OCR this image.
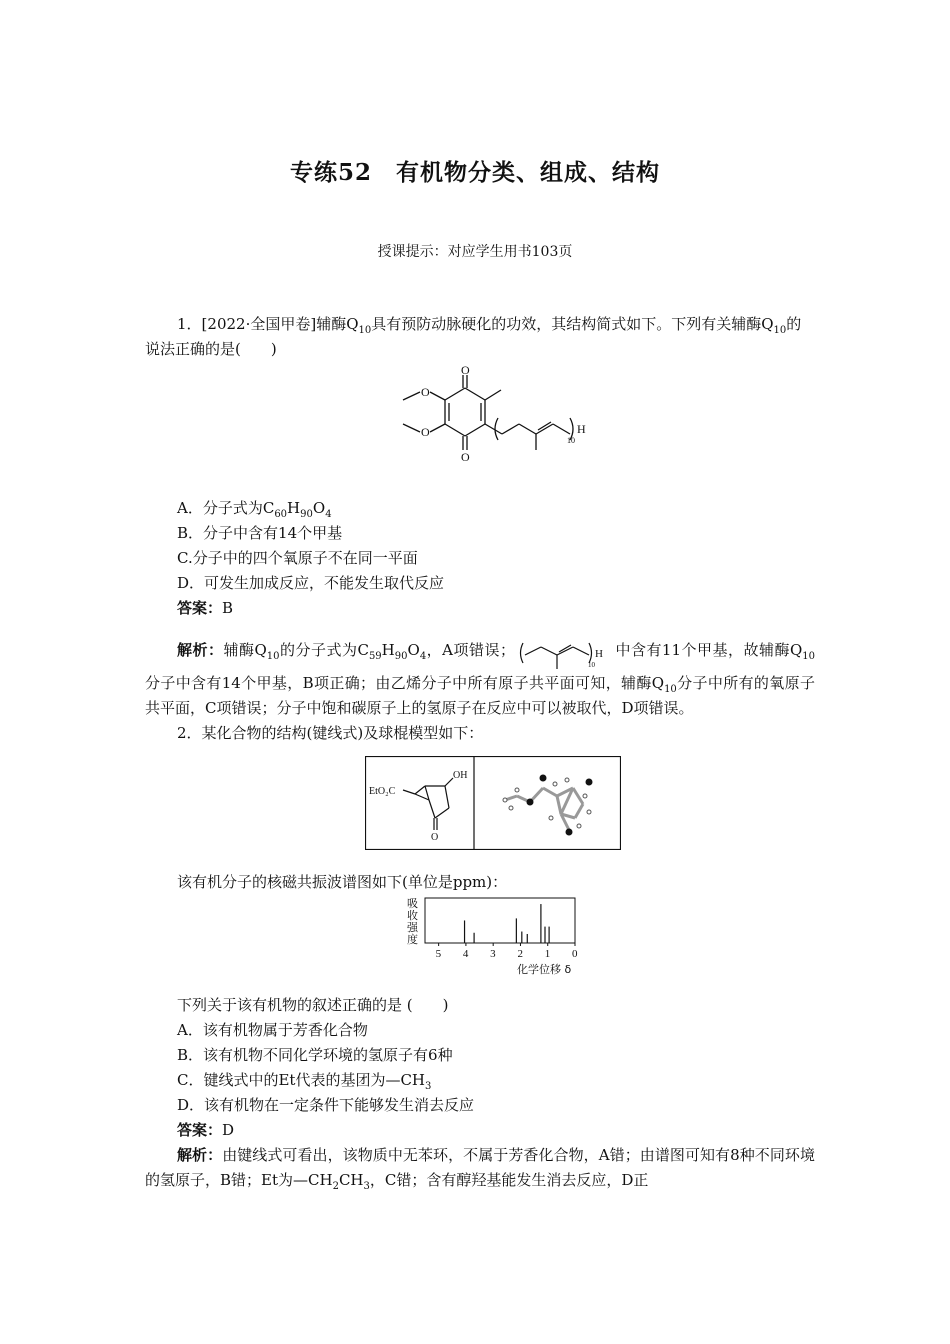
专练52　有机物分类、组成、结构
授课提示：对应学生用书103页

1．[2022·全国甲卷]辅酶$Q_{10}$具有预防动脉硬化的功效，其结构简式如下。下列有关辅酶$Q_{10}$的说法正确的是(　　)

O
O
O
O	H
10

A．分子式为$C_{60}H_{90}O_4$

B．分子中含有14个甲基

C.分子中的四个氧原子不在同一平面

D．可发生加成反应，不能发生取代反应

答案：B

解析：辅酶$Q_{10}$的分子式为$C_{59}H_{90}O_4$，A项错误；	H
10
中含有11个甲基，故辅酶$Q_{10}$分子中含有14个甲基，B项正确；由乙烯分子中所有原子共平面可知，辅酶$Q_{10}$分子中所有的氧原子共平面，C项错误；分子中饱和碳原子上的氢原子在反应中可以被取代，D项错误。

2．某化合物的结构(键线式)及球棍模型如下：

EtO₂C
OH
O

该有机分子的核磁共振波谱图如下(单位是ppm)：

吸
收
强
度
5 4 3 2 1 0
化学位移 δ

下列关于该有机物的叙述正确的是 (　　)

A．该有机物属于芳香化合物

B．该有机物不同化学环境的氢原子有6种

C．键线式中的Et代表的基团为$—CH_3$

D．该有机物在一定条件下能够发生消去反应

答案：D

解析：由键线式可看出，该物质中无苯环，不属于芳香化合物，A错；由谱图可知有8种不同环境的氢原子，B错；Et为$—CH_2CH_3$，C错；含有醇羟基能发生消去反应，D正
